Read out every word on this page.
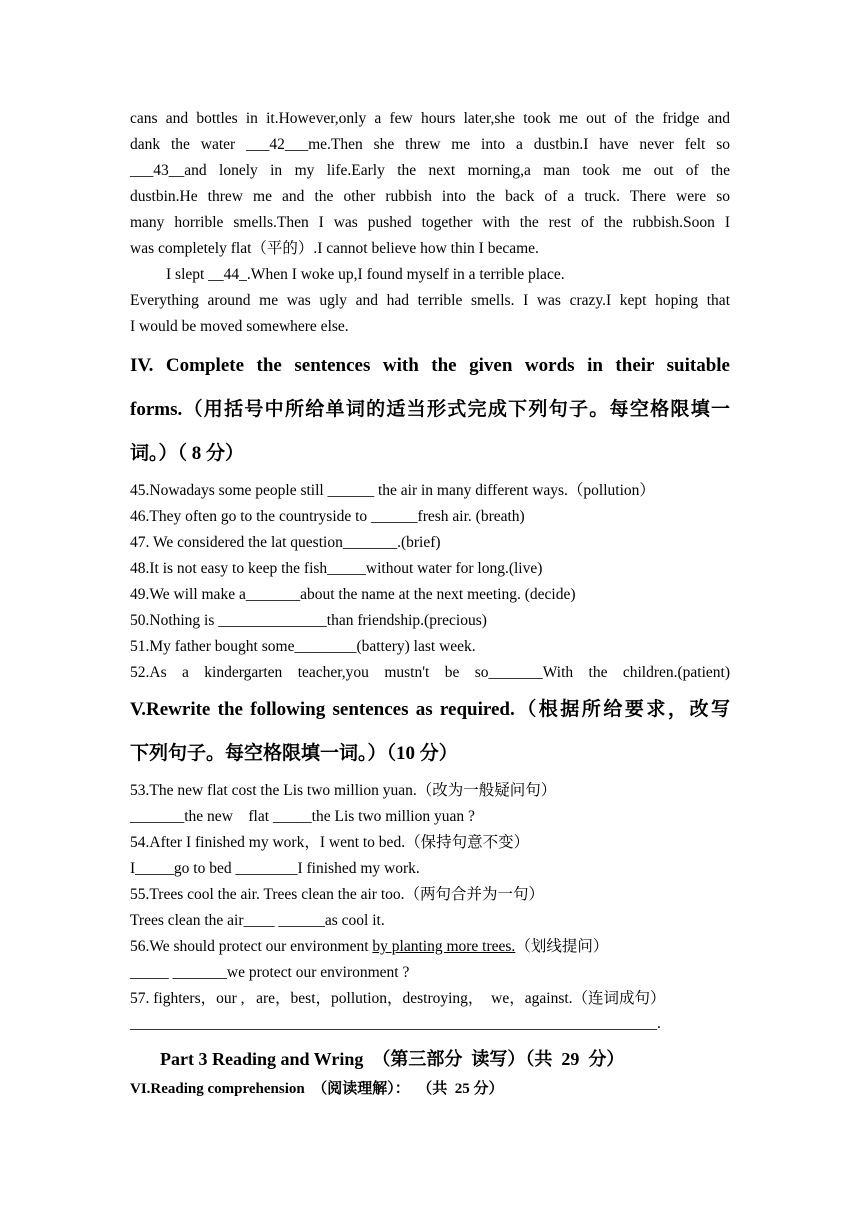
cans and bottles in it.However,only a few hours later,she took me out of the fridge and

dank the water ___42___me.Then she threw me into a dustbin.I have never felt so

___43__and lonely in my life.Early the next morning,a man took me out of the

dustbin.He threw me and the other rubbish into the back of a truck. There were so

many horrible smells.Then I was pushed together with the rest of the rubbish.Soon I

was completely flat（平的）.I cannot believe how thin I became.

I slept __44_.When I woke up,I found myself in a terrible place.

Everything around me was ugly and had terrible smells. I was crazy.I kept hoping that

I would be moved somewhere else.

IV. Complete the sentences with the given words in their suitable

forms.（用括号中所给单词的适当形式完成下列句子。每空格限填一

词。）（ 8 分）

45.Nowadays some people still ______ the air in many different ways.（pollution）

46.They often go to the countryside to ______fresh air. (breath)

47. We considered the lat question_______.(brief)

48.It is not easy to keep the fish_____without water for long.(live)

49.We will make a_______about the name at the next meeting. (decide)

50.Nothing is ______________than friendship.(precious)

51.My father bought some________(battery) last week.

52.As a kindergarten teacher,you mustn't be so_______With the children.(patient)

V.Rewrite the following sentences as required.（根据所给要求，改写

下列句子。每空格限填一词。）（10 分）

53.The new flat cost the Lis two million yuan.（改为一般疑问句）

_______the new    flat _____the Lis two million yuan ?

54.After I finished my work，I went to bed.（保持句意不变）

I_____go to bed ________I finished my work.

55.Trees cool the air. Trees clean the air too.（两句合并为一句）

Trees clean the air____ ______as cool it.

56.We should protect our environment by planting more trees.（划线提问）

_____ _______we protect our environment ?

57. fighters，our ,   are，best，pollution，destroying，  we，against.（连词成句）

____________________________________________________________________.

Part 3 Reading and Wring （第三部分  读写）（共  29  分）

VI.Reading comprehension  （阅读理解）：  （共  25 分）
